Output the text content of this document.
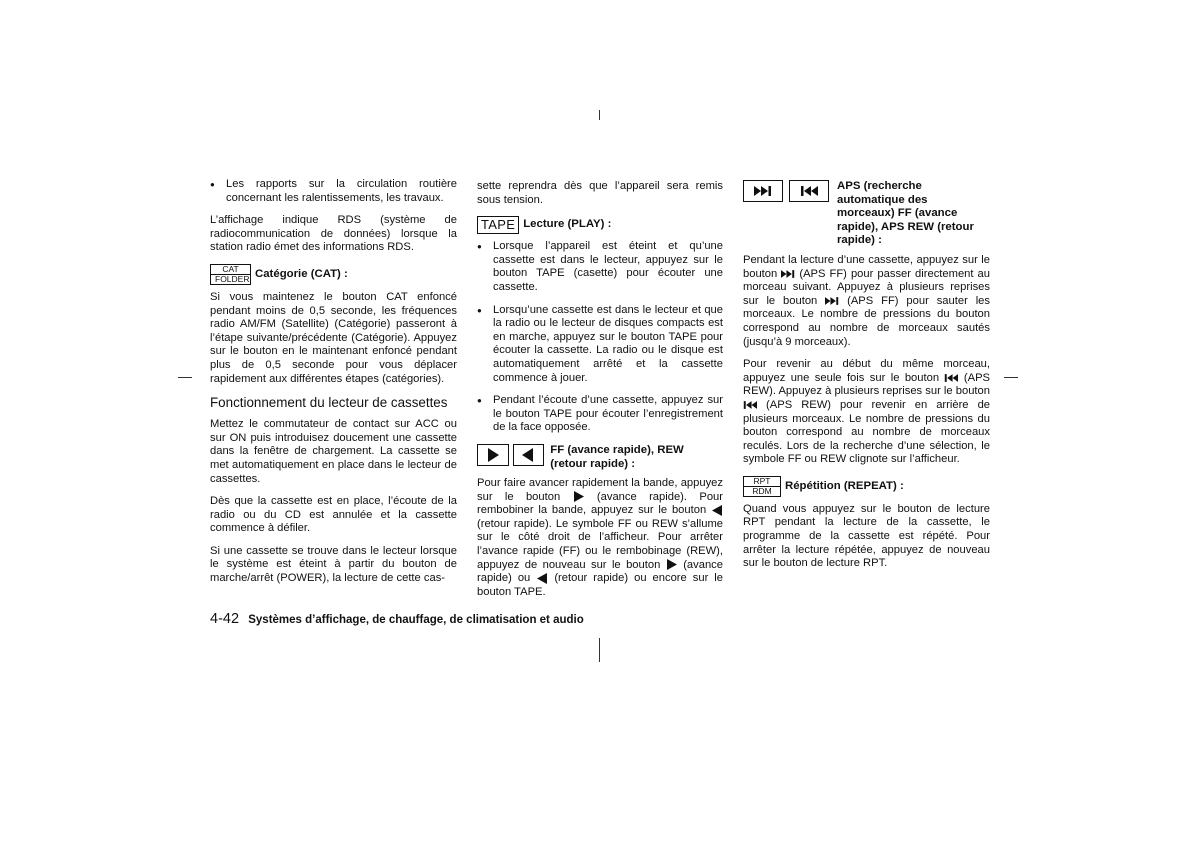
● Les rapports sur la circulation routière concernant les ralentissements, les travaux.

L’affichage indique RDS (système de radiocommunication de données) lorsque la station radio émet des informations RDS.

CAT
FOLDER Catégorie (CAT) :

Si vous maintenez le bouton CAT enfoncé pendant moins de 0,5 seconde, les fréquences radio AM/FM (Satellite) (Catégorie) passeront à l’étape suivante/précédente (Catégorie). Appuyez sur le bouton en le maintenant enfoncé pendant plus de 0,5 seconde pour vous déplacer rapidement aux différentes étapes (catégories).

Fonctionnement du lecteur de cassettes

Mettez le commutateur de contact sur ACC ou sur ON puis introduisez doucement une cassette dans la fenêtre de chargement. La cassette se met automatiquement en place dans le lecteur de cassettes.

Dès que la cassette est en place, l’écoute de la radio ou du CD est annulée et la cassette commence à défiler.

Si une cassette se trouve dans le lecteur lorsque le système est éteint à partir du bouton de marche/arrêt (POWER), la lecture de cette cas-

sette reprendra dès que l’appareil sera remis sous tension.

TAPE Lecture (PLAY) :
● Lorsque l’appareil est éteint et qu’une cassette est dans le lecteur, appuyez sur le bouton TAPE (casette) pour écouter une cassette.
● Lorsqu’une cassette est dans le lecteur et que la radio ou le lecteur de disques compacts est en marche, appuyez sur le bouton TAPE pour écouter la cassette. La radio ou le disque est automatiquement arrêté et la cassette commence à jouer.
● Pendant l’écoute d’une cassette, appuyez sur le bouton TAPE pour écouter l’enregistrement de la face opposée.
FF (avance rapide), REW (retour rapide) :

Pour faire avancer rapidement la bande, appuyez sur le bouton	(avance rapide). Pour rembobiner la bande, appuyez sur le bouton  (retour rapide). Le symbole FF ou REW s’allume sur le côté droit de l’afficheur. Pour arrêter l’avance rapide (FF) ou le rembobinage (REW), appuyez de nouveau sur le bouton (avance rapide) ou (retour rapide) ou encore sur le bouton TAPE.

APS (recherche automatique des morceaux) FF (avance rapide), APS REW (retour rapide) :

Pendant la lecture d’une cassette, appuyez sur le bouton (APS FF) pour passer directement au morceau suivant. Appuyez à plusieurs reprises sur le bouton	(APS FF) pour sauter les morceaux. Le nombre de pressions du bouton correspond au nombre de morceaux sautés (jusqu’à 9 morceaux).

Pour revenir au début du même morceau, appuyez une seule fois sur le bouton (APS REW). Appuyez à plusieurs reprises sur le bouton  (APS REW) pour revenir en arrière de plusieurs morceaux. Le nombre de pressions du bouton correspond au nombre de morceaux reculés. Lors de la recherche d’une sélection, le symbole FF ou REW clignote sur l’afficheur.

RPT
RDM	Répétition (REPEAT) :

Quand vous appuyez sur le bouton de lecture RPT pendant la lecture de la cassette, le programme de la cassette est répété. Pour arrêter la lecture répétée, appuyez de nouveau sur le bouton de lecture RPT.

4-42 Systèmes d’affichage, de chauffage, de climatisation et audio
